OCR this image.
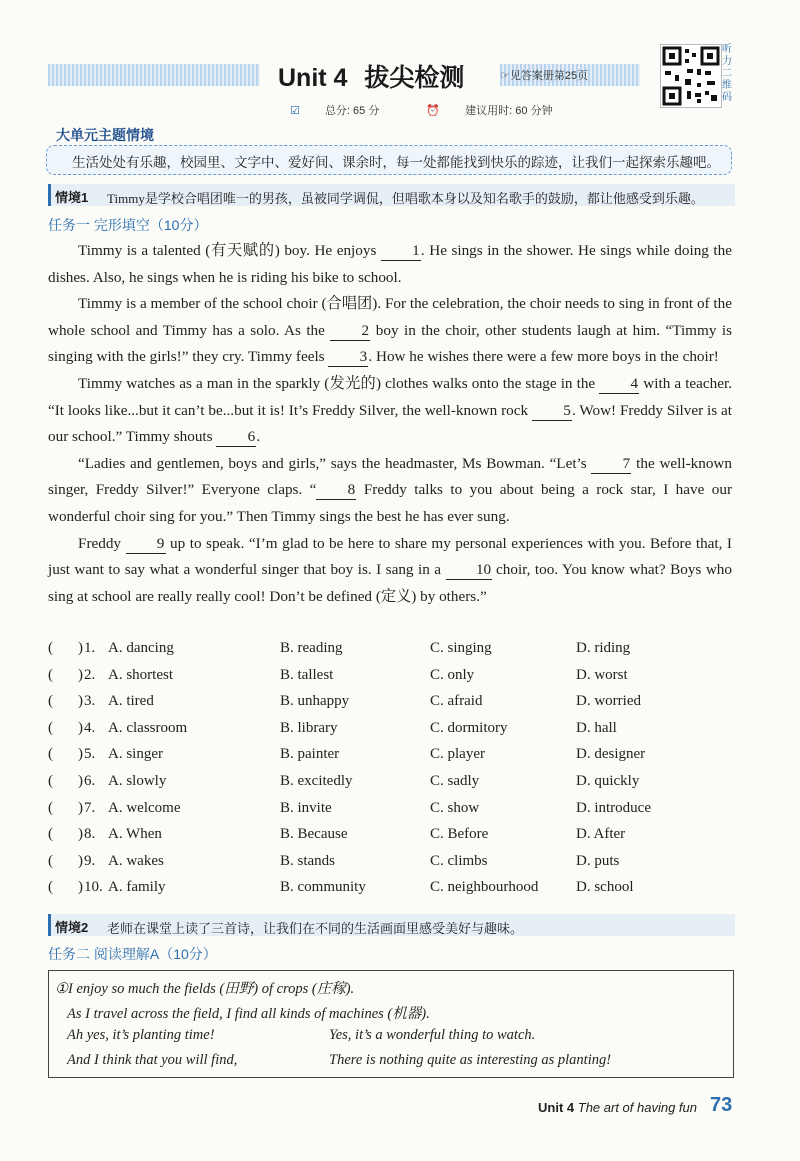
Unit 4 拔尖检测	☞见答案册第25页
听力二维码
☑ 总分: 65 分	⏰ 建议用时: 60 分钟
大单元主题情境
生活处处有乐趣，校园里、文字中、爱好间、课余时，每一处都能找到快乐的踪迹，让我们一起探索乐趣吧。
情境1 Timmy是学校合唱团唯一的男孩，虽被同学调侃，但唱歌本身以及知名歌手的鼓励，都让他感受到乐趣。
任务一 完形填空（10分）

Timmy is a talented (有天赋的) boy. He enjoys 1. He sings in the shower. He sings while doing the dishes. Also, he sings when he is riding his bike to school.

Timmy is a member of the school choir (合唱团). For the celebration, the choir needs to sing in front of the whole school and Timmy has a solo. As the 2 boy in the choir, other students laugh at him. “Timmy is singing with the girls!” they cry. Timmy feels 3. How he wishes there were a few more boys in the choir!

Timmy watches as a man in the sparkly (发光的) clothes walks onto the stage in the 4 with a teacher. “It looks like...but it can’t be...but it is! It’s Freddy Silver, the well-known rock 5. Wow! Freddy Silver is at our school.” Timmy shouts 6.

“Ladies and gentlemen, boys and girls,” says the headmaster, Ms Bowman. “Let’s 7 the well-known singer, Freddy Silver!” Everyone claps. “ 8 Freddy talks to you about being a rock star, I have our wonderful choir sing for you.” Then Timmy sings the best he has ever sung.

Freddy 9 up to speak. “I’m glad to be here to share my personal experiences with you. Before that, I just want to say what a wonderful singer that boy is. I sang in a 10 choir, too. You know what? Boys who sing at school are really really cool! Don’t be defined (定义) by others.”

( ) 1. A. dancing	B. reading	C. singing	D. riding
( ) 2. A. shortest	B. tallest	C. only	D. worst
( ) 3. A. tired	B. unhappy	C. afraid	D. worried
( ) 4. A. classroom	B. library	C. dormitory	D. hall
( ) 5. A. singer	B. painter	C. player	D. designer
( ) 6. A. slowly	B. excitedly	C. sadly	D. quickly
( ) 7. A. welcome	B. invite	C. show	D. introduce
( ) 8. A. When	B. Because	C. Before	D. After
( ) 9. A. wakes	B. stands	C. climbs	D. puts
( ) 10. A. family	B. community	C. neighbourhood	D. school
情境2 老师在课堂上读了三首诗，让我们在不同的生活画面里感受美好与趣味。
任务二 阅读理解A（10分）
①I enjoy so much the fields (田野) of crops (庄稼).
As I travel across the field, I find all kinds of machines (机器).
Ah yes, it’s planting time!	Yes, it’s a wonderful thing to watch.
And I think that you will find,	There is nothing quite as interesting as planting!
Unit 4 The art of having fun 73
